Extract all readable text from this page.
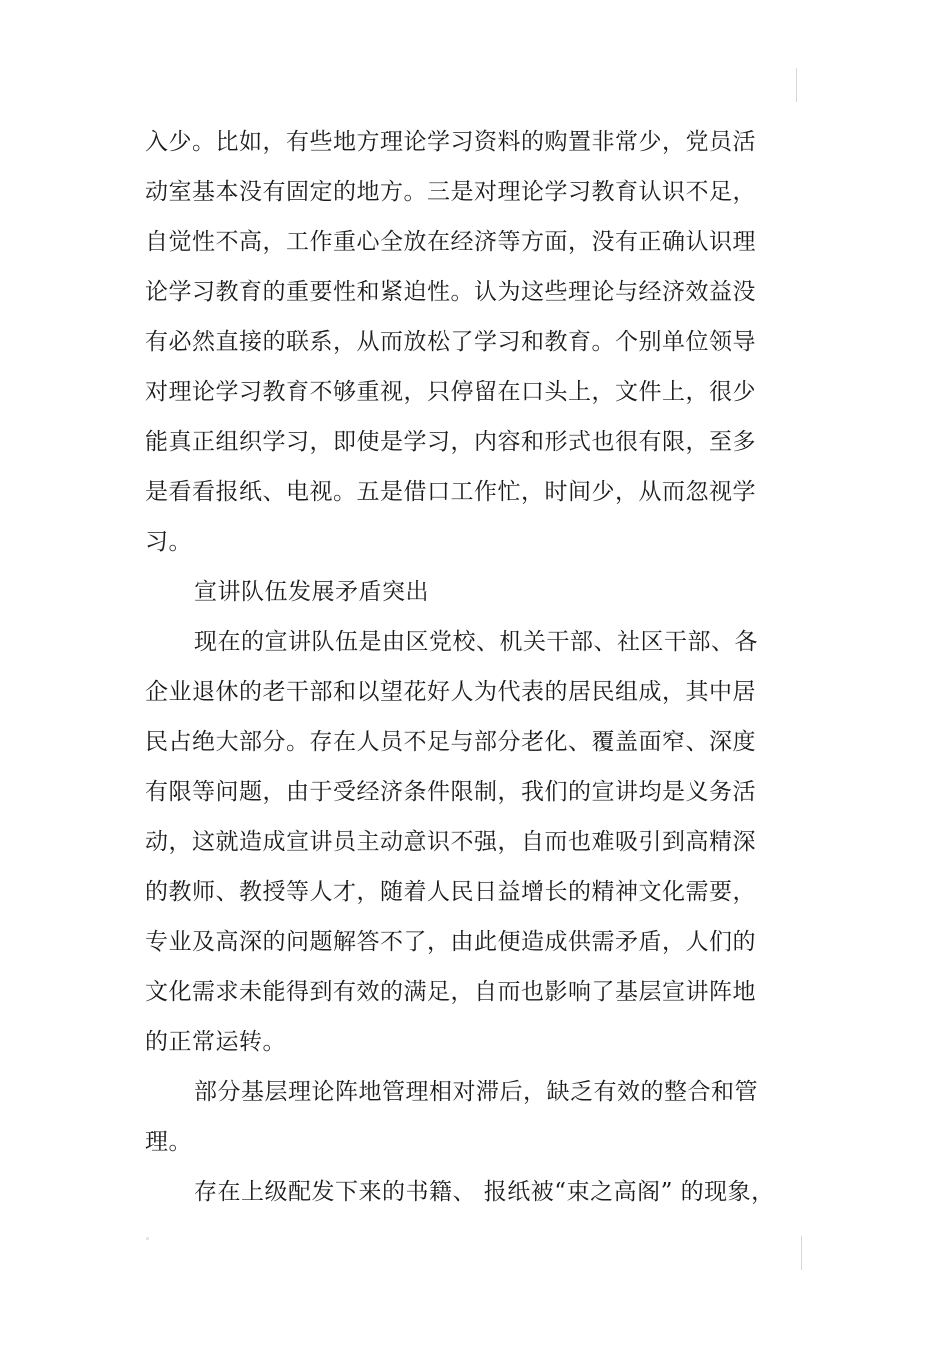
入少。比如，有些地方理论学习资料的购置非常少，党员活
动室基本没有固定的地方。三是对理论学习教育认识不足，
自觉性不高，工作重心全放在经济等方面，没有正确认识理
论学习教育的重要性和紧迫性。认为这些理论与经济效益没
有必然直接的联系，从而放松了学习和教育。个别单位领导
对理论学习教育不够重视，只停留在口头上，文件上，很少
能真正组织学习，即使是学习，内容和形式也很有限，至多
是看看报纸、电视。五是借口工作忙，时间少，从而忽视学
习。
宣讲队伍发展矛盾突出
现在的宣讲队伍是由区党校、机关干部、社区干部、各
企业退休的老干部和以望花好人为代表的居民组成，其中居
民占绝大部分。存在人员不足与部分老化、覆盖面窄、深度
有限等问题，由于受经济条件限制，我们的宣讲均是义务活
动，这就造成宣讲员主动意识不强，自而也难吸引到高精深
的教师、教授等人才，随着人民日益增长的精神文化需要，
专业及高深的问题解答不了，由此便造成供需矛盾，人们的
文化需求未能得到有效的满足，自而也影响了基层宣讲阵地
的正常运转。
部分基层理论阵地管理相对滞后，缺乏有效的整合和管
理。
存在上级配发下来的书籍、 报纸被“束之高阁” 的现象，
